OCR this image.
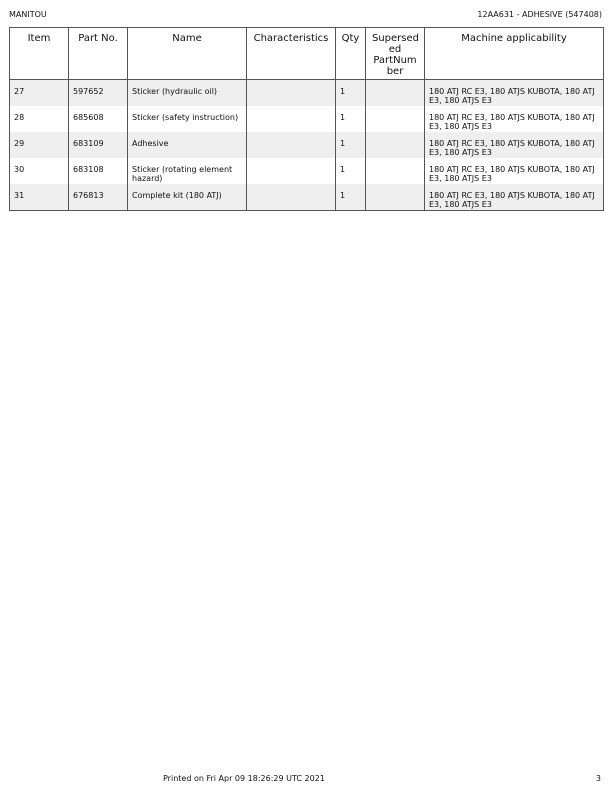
MANITOU	12AA631 - ADHESIVE (547408)
Item	Part No.	Name	Characteristics	Qty	Supersed ed PartNum ber	Machine applicability
27	597652	Sticker (hydraulic oil)		1		180 ATJ RC E3, 180 ATJS KUBOTA, 180 ATJ E3, 180 ATJS E3
28	685608	Sticker (safety instruction)		1		180 ATJ RC E3, 180 ATJS KUBOTA, 180 ATJ E3, 180 ATJS E3
29	683109	Adhesive		1		180 ATJ RC E3, 180 ATJS KUBOTA, 180 ATJ E3, 180 ATJS E3
30	683108	Sticker (rotating element hazard)		1		180 ATJ RC E3, 180 ATJS KUBOTA, 180 ATJ E3, 180 ATJS E3
31	676813	Complete kit (180 ATJ)		1		180 ATJ RC E3, 180 ATJS KUBOTA, 180 ATJ E3, 180 ATJS E3
Printed on Fri Apr 09 18:26:29 UTC 2021	3
